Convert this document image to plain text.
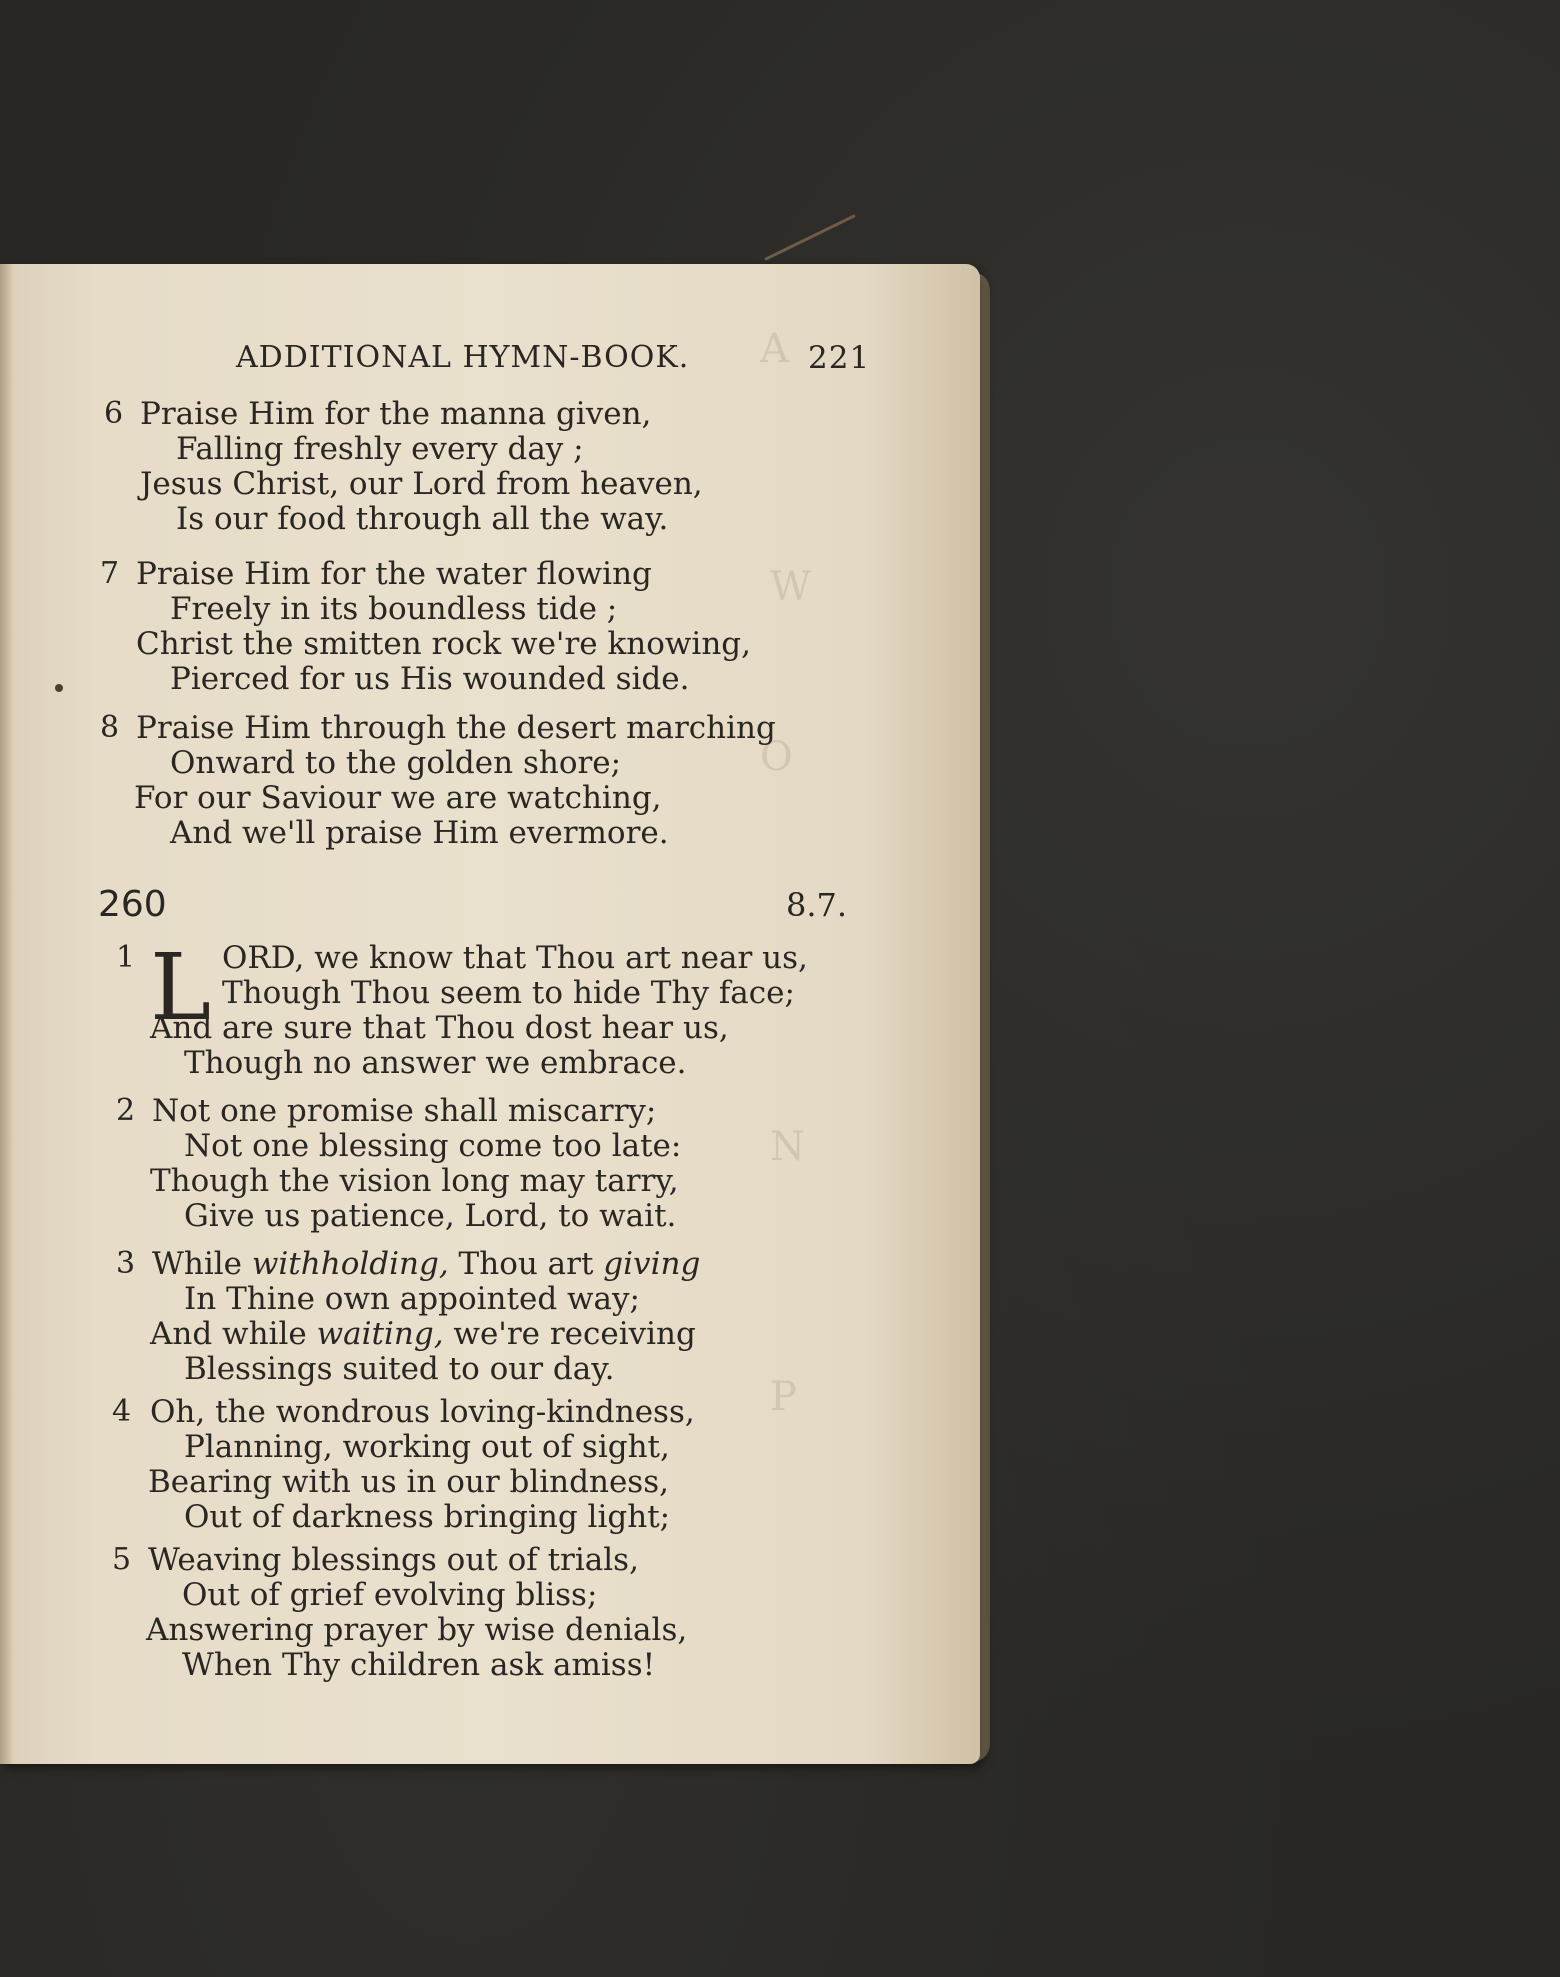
A
W
O
N
P
ADDITIONAL HYMN-BOOK.	221
6 Praise Him for the manna given,
Falling freshly every day ;
Jesus Christ, our Lord from heaven,
Is our food through all the way.
7 Praise Him for the water flowing
Freely in its boundless tide ;
Christ the smitten rock we're knowing,
Pierced for us His wounded side.
8 Praise Him through the desert marching
Onward to the golden shore;
For our Saviour we are watching,
And we'll praise Him evermore.
260	8.7.
1 L ORD, we know that Thou art near us,
Though Thou seem to hide Thy face;
And are sure that Thou dost hear us,
Though no answer we embrace.
2 Not one promise shall miscarry;
Not one blessing come too late:
Though the vision long may tarry,
Give us patience, Lord, to wait.
3 While withholding, Thou art giving
In Thine own appointed way;
And while waiting, we're receiving
Blessings suited to our day.
4 Oh, the wondrous loving-kindness,
Planning, working out of sight,
Bearing with us in our blindness,
Out of darkness bringing light;
5 Weaving blessings out of trials,
Out of grief evolving bliss;
Answering prayer by wise denials,
When Thy children ask amiss!
